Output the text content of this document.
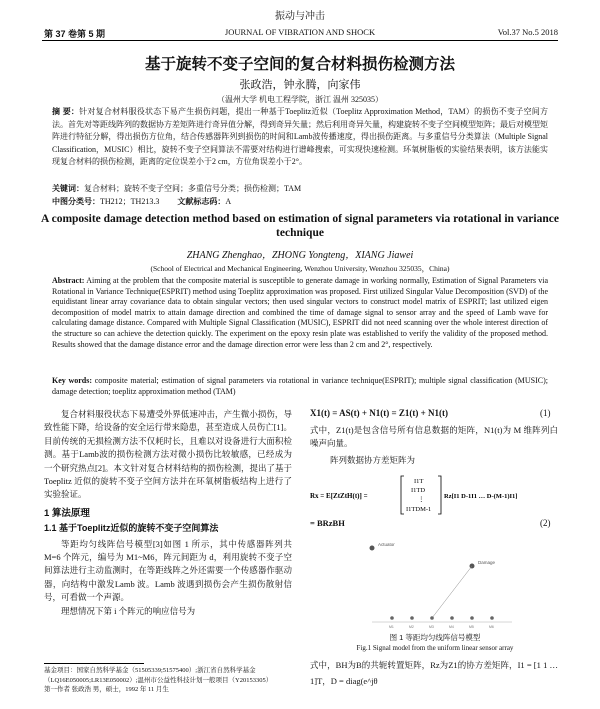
振动与冲击
第 37 卷第 5 期	JOURNAL OF VIBRATION AND SHOCK	Vol.37 No.5 2018
基于旋转不变子空间的复合材料损伤检测方法
张政浩，钟永腾，向家伟
（温州大学 机电工程学院，浙江 温州 325035）
摘 要：针对复合材料服役状态下易产生损伤问题，提出一种基于Toeplitz近似（Toeplitz Approximation Method，TAM）的损伤不变子空间方法。首先对等距线阵列的数据协方差矩阵进行奇异值分解，得到奇异矢量；然后利用奇异矢量，构建旋转不变子空间模型矩阵；最后对模型矩阵进行特征分解，得出损伤方位角，结合传感器阵列到损伤的时间和Lamb波传播速度，得出损伤距离。与多重信号分类算法（Multiple Signal Classification，MUSIC）相比，旋转不变子空间算法不需要对结构进行谱峰搜索，可实现快速检测。环氧树脂板的实验结果表明，该方法能实现复合材料的损伤检测，距离的定位误差小于2 cm，方位角误差小于2°。
关键词：复合材料；旋转不变子空间；多重信号分类；损伤检测；TAM
中图分类号：TH212；TH213.3 文献标志码：A
A composite damage detection method based on estimation of signal parameters via rotational in variance technique
ZHANG Zhenghao，ZHONG Yongteng，XIANG Jiawei
(School of Electrical and Mechanical Engineering, Wenzhou University, Wenzhou 325035，China)
Abstract: Aiming at the problem that the composite material is susceptible to generate damage in working normally, Estimation of Signal Parameters via Rotational in Variance Technique(ESPRIT) method using Toeplitz approximation was proposed. First utilized Singular Value Decomposition (SVD) of the equidistant linear array covariance data to obtain singular vectors; then used singular vectors to construct model matrix of ESPRIT; last utilized eigen decomposition of model matrix to attain damage direction and combined the time of damage signal to sensor array and the speed of Lamb wave for calculating damage distance. Compared with Multiple Signal Classification (MUSIC), ESPRIT did not need scanning over the whole interest direction of the structure so can achieve the detection quickly. The experiment on the epoxy resin plate was established to verify the validity of the proposed method. Results showed that the damage distance error and the damage direction error were less than 2 cm and 2°, respectively.
Key words: composite material; estimation of signal parameters via rotational in variance technique(ESPRIT); multiple signal classification (MUSIC); damage detection; toeplitz approximation method (TAM)
复合材料服役状态下易遭受外界低速冲击，产生微小损伤，导致性能下降，给设备的安全运行带来隐患，甚至造成人员伤亡[1]。目前传统的无损检测方法不仅耗时长，且难以对设备进行大面积检测。基于Lamb波的损伤检测方法对微小损伤比较敏感，已经成为一个研究热点[2]。本文针对复合材料结构的损伤检测，提出了基于 Toeplitz 近似的旋转不变子空间方法并在环氧树脂板结构上进行了实验验证。
1 算法原理
1.1 基于Toeplitz近似的旋转不变子空间算法
等距均匀线阵信号模型[3]如图 1 所示，其中传感器阵列共 M=6 个阵元，编号为 M1~M6，阵元间距为 d，利用旋转不变子空间算法进行主动监测时，在等距线阵之外还需要一个传感器作驱动器，向结构中激发Lamb 波。Lamb 波遇到损伤会产生损伤散射信号，可看做一个声源。
理想情况下第 i 个阵元的响应信号为
X1(t) = AS(t) + N1(t) = Z1(t) + N1(t)	(1)
式中，Z1(t)是包含信号所有信息数据的矩阵，N1(t)为 M 维阵列白噪声向量。
阵列数据协方差矩阵为
Rx = E[ZtZtH(t)] =
I1T
I1TD
⋮
I1TDM-1
Rz[I1 D-1I1 … D-(M-1)I1]
= BRzBH	(2)
Actuator
Damage
M1	M2	M3	M4	M5	M6
图 1 等距均匀线阵信号模型
Fig.1 Signal model from the uniform linear sensor array
式中，BH为B的共轭转置矩阵，Rz为Z1的协方差矩阵，I1 = [1 1 … 1]T，D = diag(e^jθ
基金项目：国家自然科学基金（51505339;51575400）;浙江省自然科学基金（LQ16E050005;LR13E050002）;温州市公益性科技计划一般项目（Y20153305）
第一作者 张政浩 男，硕士，1992 年 11 月生
